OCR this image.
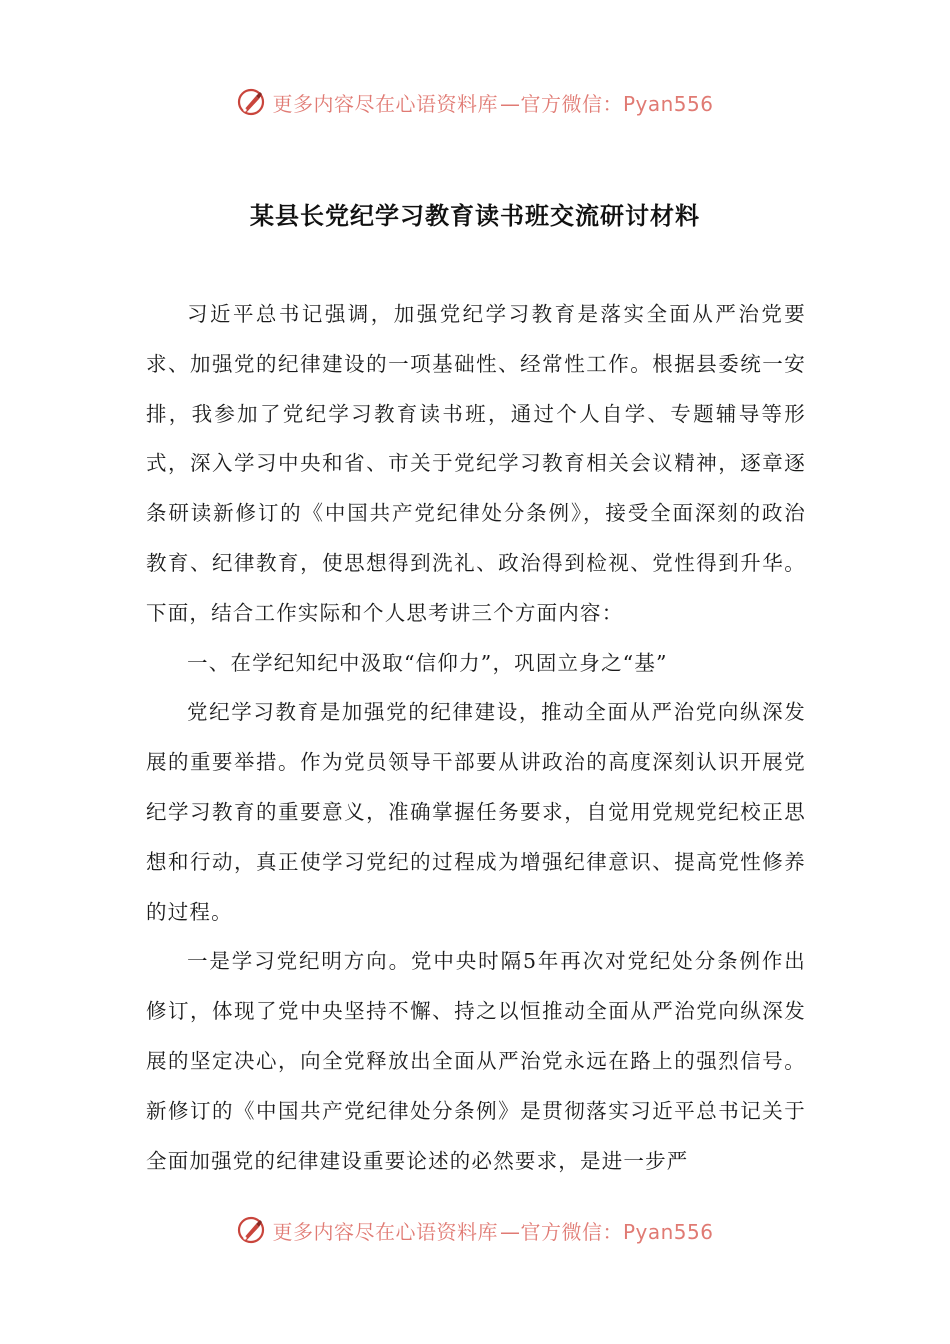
更多内容尽在心语资料库 —官方微信：Pyan556
某县长党纪学习教育读书班交流研讨材料

习近平总书记强调，加强党纪学习教育是落实全面从严治党要求、加强党的纪律建设的一项基础性、经常性工作。根据县委统一安排，我参加了党纪学习教育读书班，通过个人自学、专题辅导等形式，深入学习中央和省、市关于党纪学习教育相关会议精神，逐章逐条研读新修订的《中国共产党纪律处分条例》，接受全面深刻的政治教育、纪律教育，使思想得到洗礼、政治得到检视、党性得到升华。下面，结合工作实际和个人思考讲三个方面内容：

一、在学纪知纪中汲取“信仰力”，巩固立身之“基”

党纪学习教育是加强党的纪律建设，推动全面从严治党向纵深发展的重要举措。作为党员领导干部要从讲政治的高度深刻认识开展党纪学习教育的重要意义，准确掌握任务要求，自觉用党规党纪校正思想和行动，真正使学习党纪的过程成为增强纪律意识、提高党性修养的过程。

一是学习党纪明方向。党中央时隔5年再次对党纪处分条例作出修订，体现了党中央坚持不懈、持之以恒推动全面从严治党向纵深发展的坚定决心，向全党释放出全面从严治党永远在路上的强烈信号。新修订的《中国共产党纪律处分条例》是贯彻落实习近平总书记关于全面加强党的纪律建设重要论述的必然要求，是进一步严

更多内容尽在心语资料库 —官方微信：Pyan556
